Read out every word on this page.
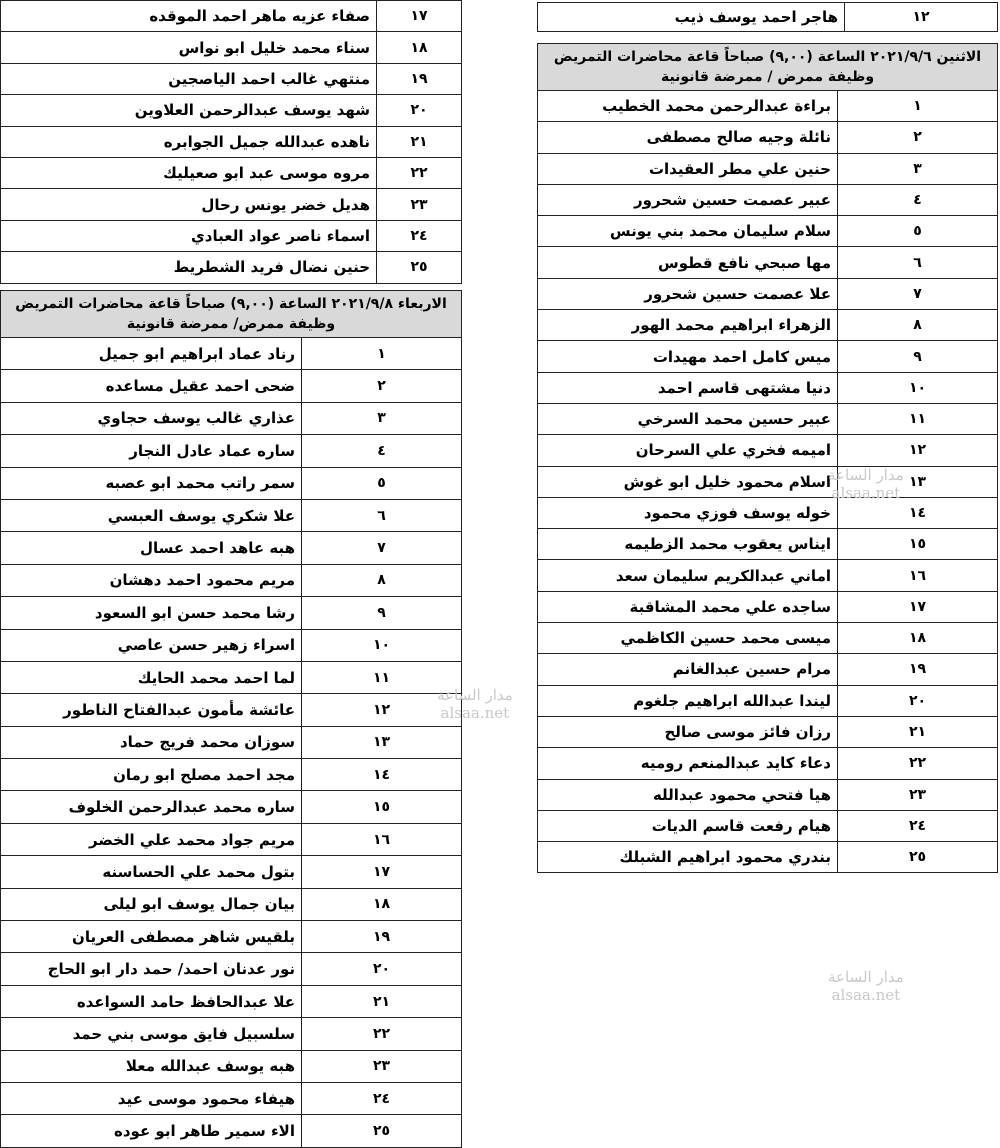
١٧	صفاء عزيه ماهر احمد الموقده
١٨	سناء محمد خليل ابو نواس
١٩	منتهي غالب احمد الياصجين
٢٠	شهد يوسف عبدالرحمن العلاوين
٢١	ناهده عبدالله جميل الجوابره
٢٢	مروه موسى عبد ابو صعيليك
٢٣	هديل خضر يونس رحال
٢٤	اسماء ناصر عواد العبادي
٢٥	حنين نضال فريد الشطريط
الاربعاء ٢٠٢١/٩/٨ الساعة (٩,٠٠) صباحاً قاعة محاضرات التمريض وظيفة ممرض/ ممرضة قانونية	
١	رناد عماد ابراهيم ابو جميل
٢	ضحى احمد عقيل مساعده
٣	عذاري غالب يوسف حجاوي
٤	ساره عماد عادل النجار
٥	سمر راتب محمد ابو عصبه
٦	علا شكري يوسف العبسي
٧	هبه عاهد احمد عسال
٨	مريم محمود احمد دهشان
٩	رشا محمد حسن ابو السعود
١٠	اسراء زهير حسن عاصي
١١	لما احمد محمد الحايك
١٢	عائشة مأمون عبدالفتاح الناطور
١٣	سوزان محمد فريج حماد
١٤	مجد احمد مصلح ابو رمان
١٥	ساره محمد عبدالرحمن الخلوف
١٦	مريم جواد محمد علي الخضر
١٧	بتول محمد علي الحساسنه
١٨	بيان جمال يوسف ابو ليلى
١٩	بلقيس شاهر مصطفى العريان
٢٠	نور عدنان احمد/ حمد دار ابو الحاج
٢١	علا عبدالحافظ حامد السواعده
٢٢	سلسبيل فايق موسى بني حمد
٢٣	هبه يوسف عبدالله معلا
٢٤	هيفاء محمود موسى عيد
٢٥	الاء سمير طاهر ابو عوده
١٢	هاجر احمد يوسف ذيب
الاثنين ٢٠٢١/٩/٦ الساعة (٩,٠٠) صباحاً قاعة محاضرات التمريض وظيفة ممرض / ممرضة قانونية	
١	براءة عبدالرحمن محمد الخطيب
٢	نائلة وجيه صالح مصطفى
٣	حنين علي مطر العقيدات
٤	عبير عصمت حسين شحرور
٥	سلام سليمان محمد بني يونس
٦	مها صبحي نافع قطوس
٧	علا عصمت حسين شحرور
٨	الزهراء ابراهيم محمد الهور
٩	ميس كامل احمد مهيدات
١٠	دنيا مشتهى قاسم احمد
١١	عبير حسين محمد السرخي
١٢	اميمه فخري علي السرحان
١٣	اسلام محمود خليل ابو غوش
١٤	خوله يوسف فوزي محمود
١٥	ايناس يعقوب محمد الزطيمه
١٦	اماني عبدالكريم سليمان سعد
١٧	ساجده علي محمد المشاقبة
١٨	ميسى محمد حسين الكاظمي
١٩	مرام حسين عبدالغانم
٢٠	ليندا عبدالله ابراهيم جلغوم
٢١	رزان فائز موسى صالح
٢٢	دعاء كايد عبدالمنعم روميه
٢٣	هيا فتحي محمود عبدالله
٢٤	هيام رفعت قاسم الديات
٢٥	بندري محمود ابراهيم الشبلك
مدار الساعة
alsaa.net
مدار الساعة
alsaa.net
مدار الساعة
alsaa.net
